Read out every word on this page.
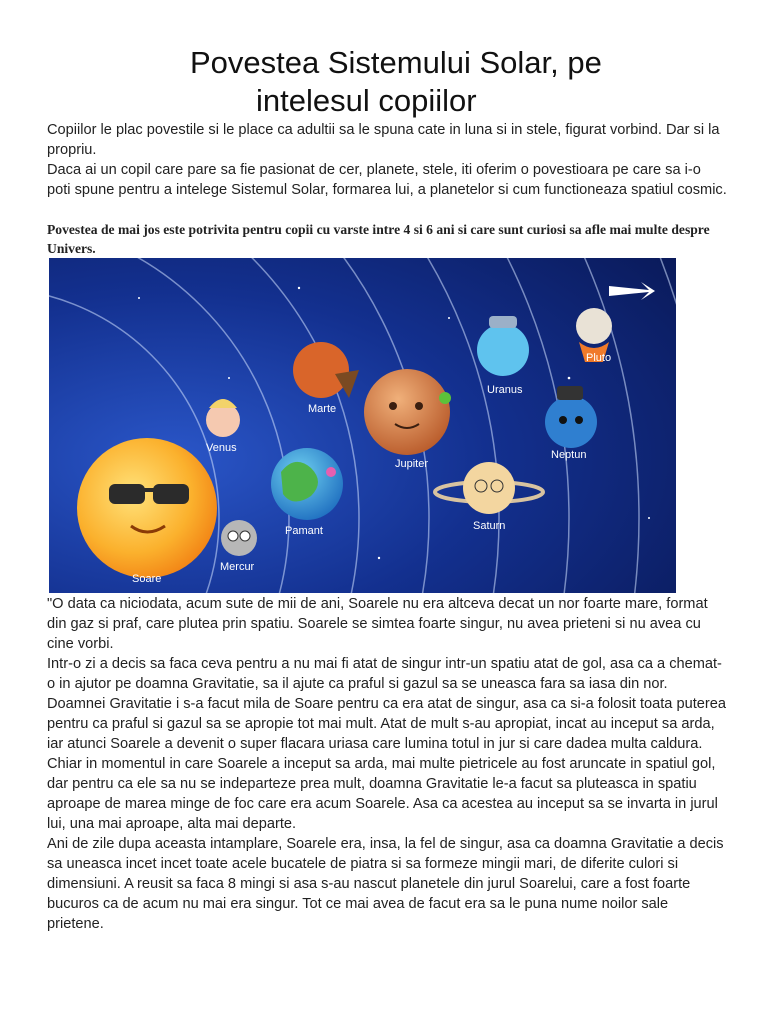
Povestea Sistemului Solar, pe
intelesul copiilor
Copiilor le plac povestile si le place ca adultii sa le spuna cate in luna si in stele, figurat vorbind. Dar si la propriu.
Daca ai un copil care pare sa fie pasionat de cer, planete, stele, iti oferim o povestioara pe care sa i-o poti spune pentru a intelege Sistemul Solar, formarea lui, a planetelor si cum functioneaza spatiul cosmic.
Povestea de mai jos este potrivita pentru copii cu varste intre 4 si 6 ani si care sunt curiosi sa afle mai multe despre Univers.
Soare
Mercur
Venus
Pamant
Marte
Jupiter
Saturn
Uranus
Neptun
Pluto
"O data ca niciodata, acum sute de mii de ani, Soarele nu era altceva decat un nor foarte mare, format din gaz si praf, care plutea prin spatiu. Soarele se simtea foarte singur, nu avea prieteni si nu avea cu cine vorbi.
Intr-o zi a decis sa faca ceva pentru a nu mai fi atat de singur intr-un spatiu atat de gol, asa ca a chemat-o in ajutor pe doamna Gravitatie, sa il ajute ca praful si gazul sa se uneasca fara sa iasa din nor.
Doamnei Gravitatie i s-a facut mila de Soare pentru ca era atat de singur, asa ca si-a folosit toata puterea pentru ca praful si gazul sa se apropie tot mai mult. Atat de mult s-au apropiat, incat au inceput sa arda, iar atunci Soarele a devenit o super flacara uriasa care lumina totul in jur si care dadea multa caldura.
Chiar in momentul in care Soarele a inceput sa arda, mai multe pietricele au fost aruncate in spatiul gol, dar pentru ca ele sa nu se indeparteze prea mult, doamna Gravitatie le-a facut sa pluteasca in spatiu aproape de marea minge de foc care era acum Soarele. Asa ca acestea au inceput sa se invarta in jurul lui, una mai aproape, alta mai departe.
Ani de zile dupa aceasta intamplare, Soarele era, insa, la fel de singur, asa ca doamna Gravitatie a decis sa uneasca incet incet toate acele bucatele de piatra si sa formeze mingii mari, de diferite culori si dimensiuni. A reusit sa faca 8 mingi si asa s-au nascut planetele din jurul Soarelui, care a fost foarte bucuros ca de acum nu mai era singur. Tot ce mai avea de facut era sa le puna nume noilor sale prietene.
